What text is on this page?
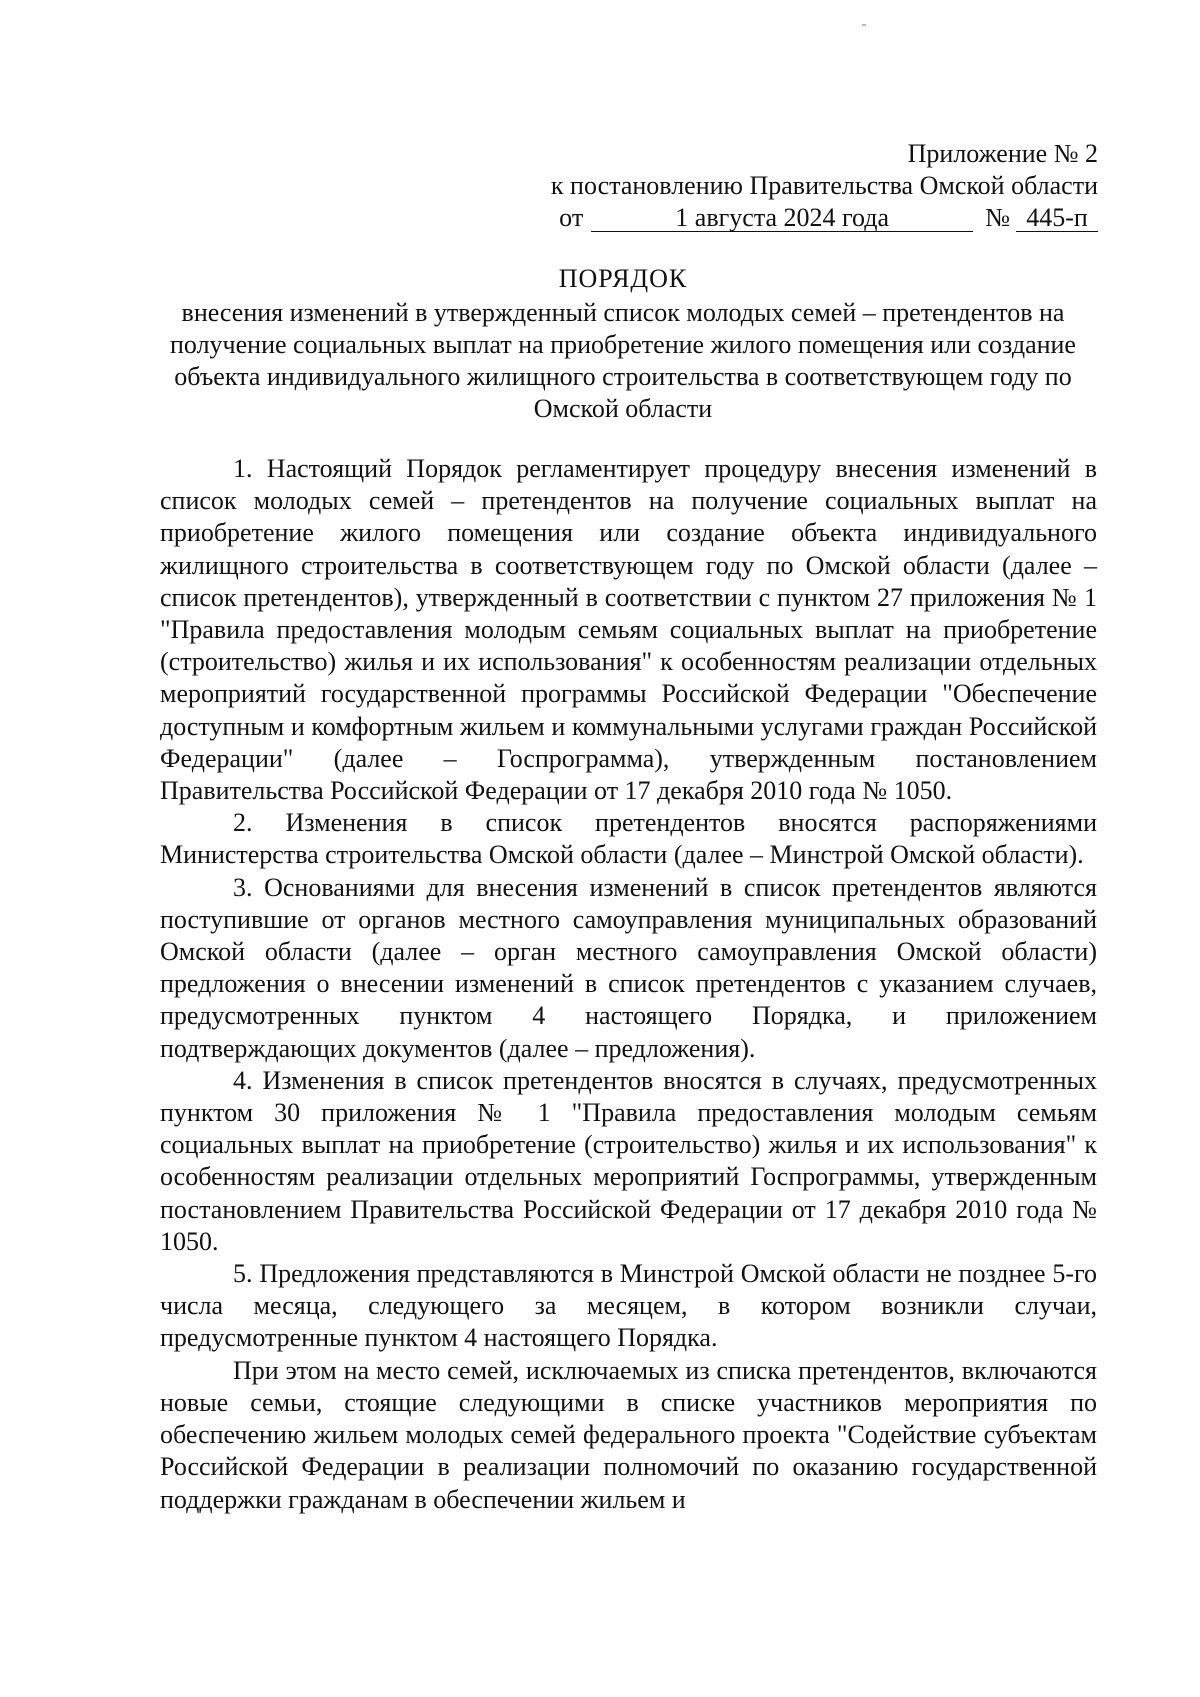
Приложение № 2
к постановлению Правительства Омской области
от	1 августа 2024 года	№ 445-п
ПОРЯДОК
внесения изменений в утвержденный список молодых семей – претендентов на получение социальных выплат на приобретение жилого помещения или создание объекта индивидуального жилищного строительства в соответствующем году по Омской области

1. Настоящий Порядок регламентирует процедуру внесения изменений в список молодых семей – претендентов на получение социальных выплат на приобретение жилого помещения или создание объекта индивидуального жилищного строительства в соответствующем году по Омской области (далее – список претендентов), утвержденный в соответствии с пунктом 27 приложения № 1 "Правила предоставления молодым семьям социальных выплат на приобретение (строительство) жилья и их использования" к особенностям реализации отдельных мероприятий государственной программы Российской Федерации "Обеспечение доступным и комфортным жильем и коммунальными услугами граждан Российской Федерации" (далее – Госпрограмма), утвержденным постановлением Правительства Российской Федерации от 17 декабря 2010 года № 1050.

2. Изменения в список претендентов вносятся распоряжениями Министерства строительства Омской области (далее – Минстрой Омской области).

3. Основаниями для внесения изменений в список претендентов являются поступившие от органов местного самоуправления муниципальных образований Омской области (далее – орган местного самоуправления Омской области) предложения о внесении изменений в список претендентов с указанием случаев, предусмотренных пунктом 4 настоящего Порядка, и приложением подтверждающих документов (далее – предложения).

4. Изменения в список претендентов вносятся в случаях, предусмотренных пунктом 30 приложения № 1 "Правила предоставления молодым семьям социальных выплат на приобретение (строительство) жилья и их использования" к особенностям реализации отдельных мероприятий Госпрограммы, утвержденным постановлением Правительства Российской Федерации от 17 декабря 2010 года № 1050.

5. Предложения представляются в Минстрой Омской области не позднее 5-го числа месяца, следующего за месяцем, в котором возникли случаи, предусмотренные пунктом 4 настоящего Порядка.

При этом на место семей, исключаемых из списка претендентов, включаются новые семьи, стоящие следующими в списке участников мероприятия по обеспечению жильем молодых семей федерального проекта "Содействие субъектам Российской Федерации в реализации полномочий по оказанию государственной поддержки гражданам в обеспечении жильем и
